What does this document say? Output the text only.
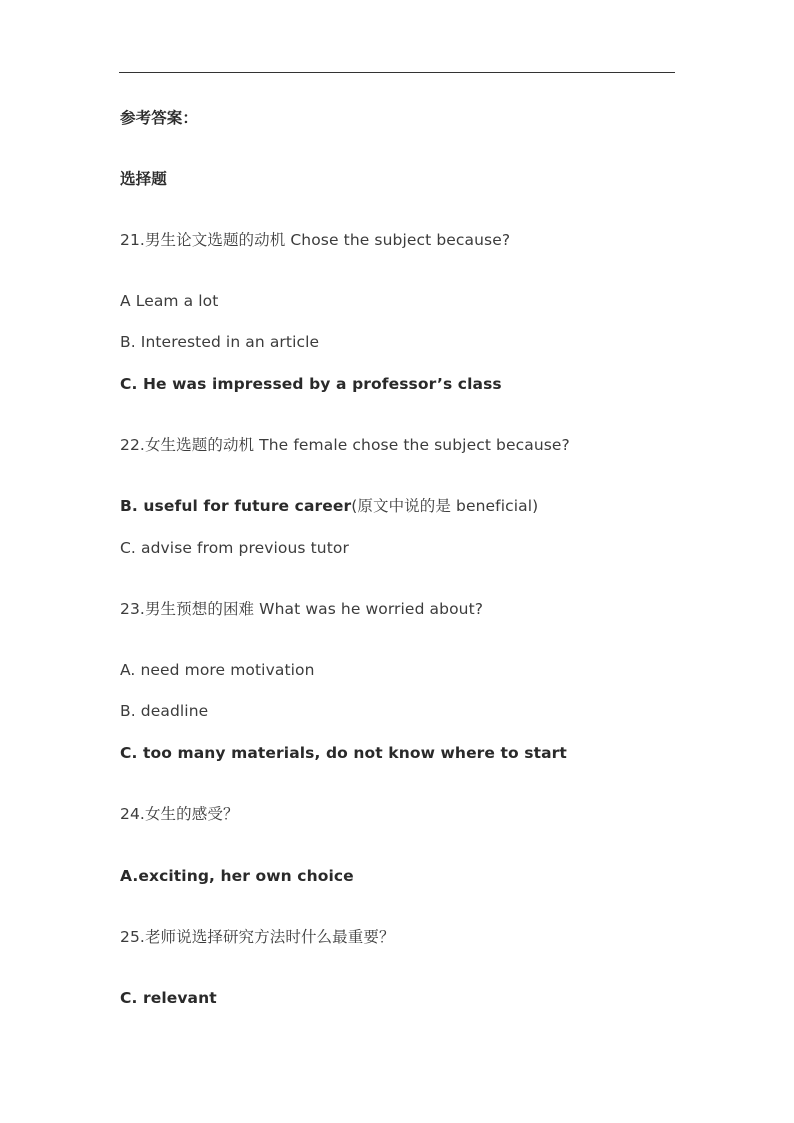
参考答案：
选择题
21.男生论文选题的动机 Chose the subject because?
A Leam a lot
B. Interested in an article
C. He was impressed by a professor’s class
22.女生选题的动机 The female chose the subject because?
B. useful for future career(原文中说的是 beneficial)
C. advise from previous tutor
23.男生预想的困难 What was he worried about?
A. need more motivation
B. deadline
C. too many materials, do not know where to start
24.女生的感受？
A.exciting, her own choice
25.老师说选择研究方法时什么最重要？
C. relevant
